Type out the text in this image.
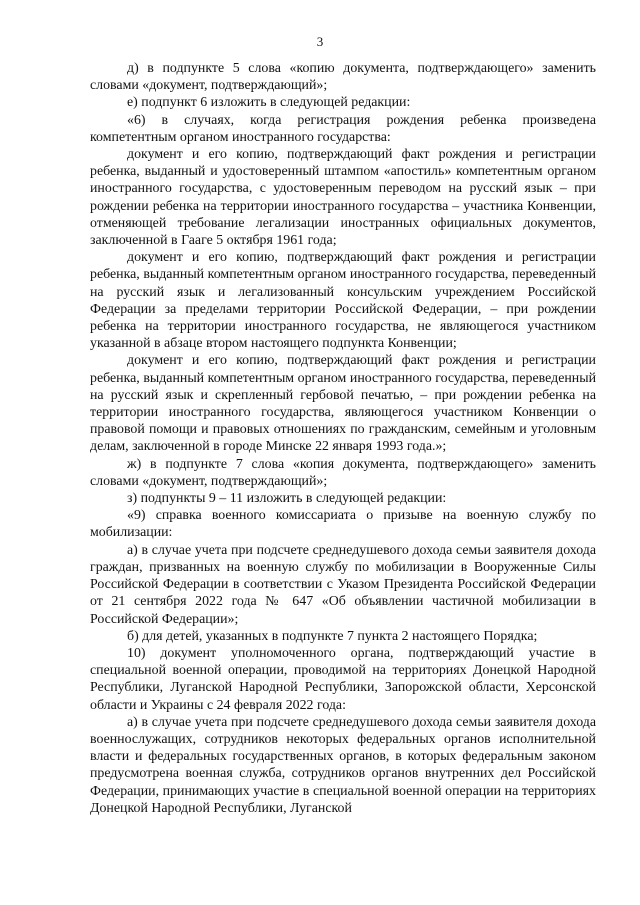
3

д) в подпункте 5 слова «копию документа, подтверждающего» заменить словами «документ, подтверждающий»;

е) подпункт 6 изложить в следующей редакции:

«6) в случаях, когда регистрация рождения ребенка произведена компетентным органом иностранного государства:

документ и его копию, подтверждающий факт рождения и регистрации ребенка, выданный и удостоверенный штампом «апостиль» компетентным органом иностранного государства, с удостоверенным переводом на русский язык – при рождении ребенка на территории иностранного государства – участника Конвенции, отменяющей требование легализации иностранных официальных документов, заключенной в Гааге 5 октября 1961 года;

документ и его копию, подтверждающий факт рождения и регистрации ребенка, выданный компетентным органом иностранного государства, переведенный на русский язык и легализованный консульским учреждением Российской Федерации за пределами территории Российской Федерации, – при рождении ребенка на территории иностранного государства, не являющегося участником указанной в абзаце втором настоящего подпункта Конвенции;

документ и его копию, подтверждающий факт рождения и регистрации ребенка, выданный компетентным органом иностранного государства, переведенный на русский язык и скрепленный гербовой печатью, – при рождении ребенка на территории иностранного государства, являющегося участником Конвенции о правовой помощи и правовых отношениях по гражданским, семейным и уголовным делам, заключенной в городе Минске 22 января 1993 года.»;

ж) в подпункте 7 слова «копия документа, подтверждающего» заменить словами «документ, подтверждающий»;

з) подпункты 9 – 11 изложить в следующей редакции:

«9) справка военного комиссариата о призыве на военную службу по мобилизации:

а) в случае учета при подсчете среднедушевого дохода семьи заявителя дохода граждан, призванных на военную службу по мобилизации в Вооруженные Силы Российской Федерации в соответствии с Указом Президента Российской Федерации от 21 сентября 2022 года № 647 «Об объявлении частичной мобилизации в Российской Федерации»;

б) для детей, указанных в подпункте 7 пункта 2 настоящего Порядка;

10) документ уполномоченного органа, подтверждающий участие в специальной военной операции, проводимой на территориях Донецкой Народной Республики, Луганской Народной Республики, Запорожской области, Херсонской области и Украины с 24 февраля 2022 года:

а) в случае учета при подсчете среднедушевого дохода семьи заявителя дохода военнослужащих, сотрудников некоторых федеральных органов исполнительной власти и федеральных государственных органов, в которых федеральным законом предусмотрена военная служба, сотрудников органов внутренних дел Российской Федерации, принимающих участие в специальной военной операции на территориях Донецкой Народной Республики, Луганской
